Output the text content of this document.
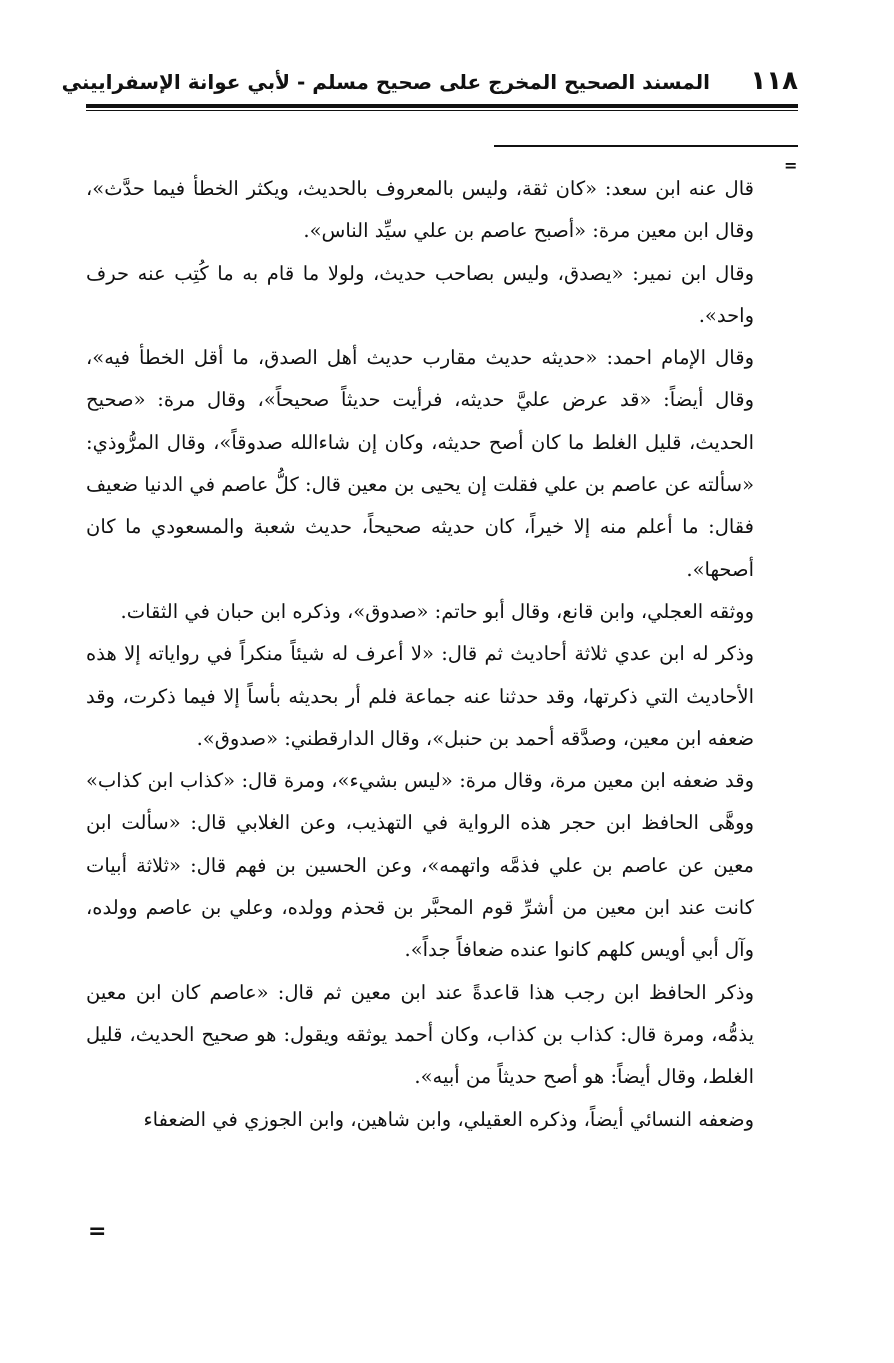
١١٨
المسند الصحيح المخرج على صحيح مسلم - لأبي عوانة الإسفراييني
=

قال عنه ابن سعد: «كان ثقة، وليس بالمعروف بالحديث، ويكثر الخطأ فيما حدَّث»، وقال ابن معين مرة: «أصبح عاصم بن علي سيِّد الناس».

وقال ابن نمير: «يصدق، وليس بصاحب حديث، ولولا ما قام به ما كُتِب عنه حرف واحد».

وقال الإمام احمد: «حديثه حديث مقارب حديث أهل الصدق، ما أقل الخطأ فيه»، وقال أيضاً: «قد عرض عليَّ حديثه، فرأيت حديثاً صحيحاً»، وقال مرة: «صحيح الحديث، قليل الغلط ما كان أصح حديثه، وكان إن شاءالله صدوقاً»، وقال المرُّوذي: «سألته عن عاصم بن علي فقلت إن يحيى بن معين قال: كلُّ عاصم في الدنيا ضعيف فقال: ما أعلم منه إلا خيراً، كان حديثه صحيحاً، حديث شعبة والمسعودي ما كان أصحها».

ووثقه العجلي، وابن قانع، وقال أبو حاتم: «صدوق»، وذكره ابن حبان في الثقات.

وذكر له ابن عدي ثلاثة أحاديث ثم قال: «لا أعرف له شيئاً منكراً في رواياته إلا هذه الأحاديث التي ذكرتها، وقد حدثنا عنه جماعة فلم أر بحديثه بأساً إلا فيما ذكرت، وقد ضعفه ابن معين، وصدَّقه أحمد بن حنبل»، وقال الدارقطني: «صدوق».

وقد ضعفه ابن معين مرة، وقال مرة: «ليس بشيء»، ومرة قال: «كذاب ابن كذاب» ووهَّى الحافظ ابن حجر هذه الرواية في التهذيب، وعن الغلابي قال: «سألت ابن معين عن عاصم بن علي فذمَّه واتهمه»، وعن الحسين بن فهم قال: «ثلاثة أبيات كانت عند ابن معين من أشرِّ قوم المحبَّر بن قحذم وولده، وعلي بن عاصم وولده، وآل أبي أويس كلهم كانوا عنده ضعافاً جداً».

وذكر الحافظ ابن رجب هذا قاعدةً عند ابن معين ثم قال: «عاصم كان ابن معين يذمُّه، ومرة قال: كذاب بن كذاب، وكان أحمد يوثقه ويقول: هو صحيح الحديث، قليل الغلط، وقال أيضاً: هو أصح حديثاً من أبيه».

وضعفه النسائي أيضاً، وذكره العقيلي، وابن شاهين، وابن الجوزي في الضعفاء

=
